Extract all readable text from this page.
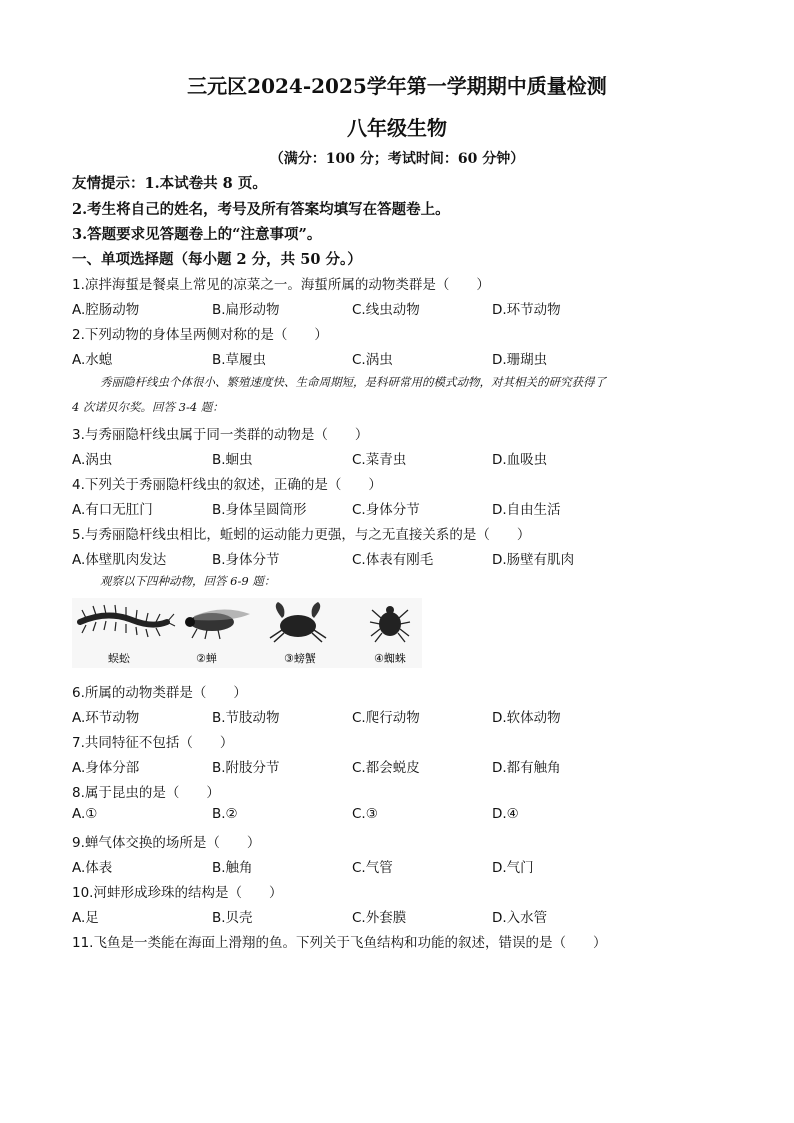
三元区2024-2025学年第一学期期中质量检测
八年级生物
（满分：100 分；考试时间：60 分钟）
友情提示：1.本试卷共 8 页。
2.考生将自己的姓名，考号及所有答案均填写在答题卷上。
3.答题要求见答题卷上的“注意事项”。
一、单项选择题（每小题 2 分，共 50 分。）
1.凉拌海蜇是餐桌上常见的凉菜之一。海蜇所属的动物类群是（　　）
A.腔肠动物	B.扁形动物	C.线虫动物	D.环节动物
2.下列动物的身体呈两侧对称的是（　　）
A.水螅	B.草履虫	C.涡虫	D.珊瑚虫
秀丽隐杆线虫个体很小、繁殖速度快、生命周期短，是科研常用的模式动物，对其相关的研究获得了
4 次诺贝尔奖。回答 3-4 题：
3.与秀丽隐杆线虫属于同一类群的动物是（　　）
A.涡虫	B.蛔虫	C.菜青虫	D.血吸虫
4.下列关于秀丽隐杆线虫的叙述，正确的是（　　）
A.有口无肛门	B.身体呈圆筒形	C.身体分节	D.自由生活
5.与秀丽隐杆线虫相比，蚯蚓的运动能力更强，与之无直接关系的是（　　）
A.体壁肌肉发达	B.身体分节	C.体表有刚毛	D.肠壁有肌肉
观察以下四种动物，回答 6-9 题：
蜈蚣	②蝉	③螃蟹	④蜘蛛
6.所属的动物类群是（　　）
A.环节动物	B.节肢动物	C.爬行动物	D.软体动物
7.共同特征不包括（　　）
A.身体分部	B.附肢分节	C.都会蜕皮	D.都有触角
8.属于昆虫的是（　　）
A.①	B.②	C.③	D.④
9.蝉气体交换的场所是（　　）
A.体表	B.触角	C.气管	D.气门
10.河蚌形成珍珠的结构是（　　）
A.足	B.贝壳	C.外套膜	D.入水管
11.飞鱼是一类能在海面上滑翔的鱼。下列关于飞鱼结构和功能的叙述，错误的是（　　）
